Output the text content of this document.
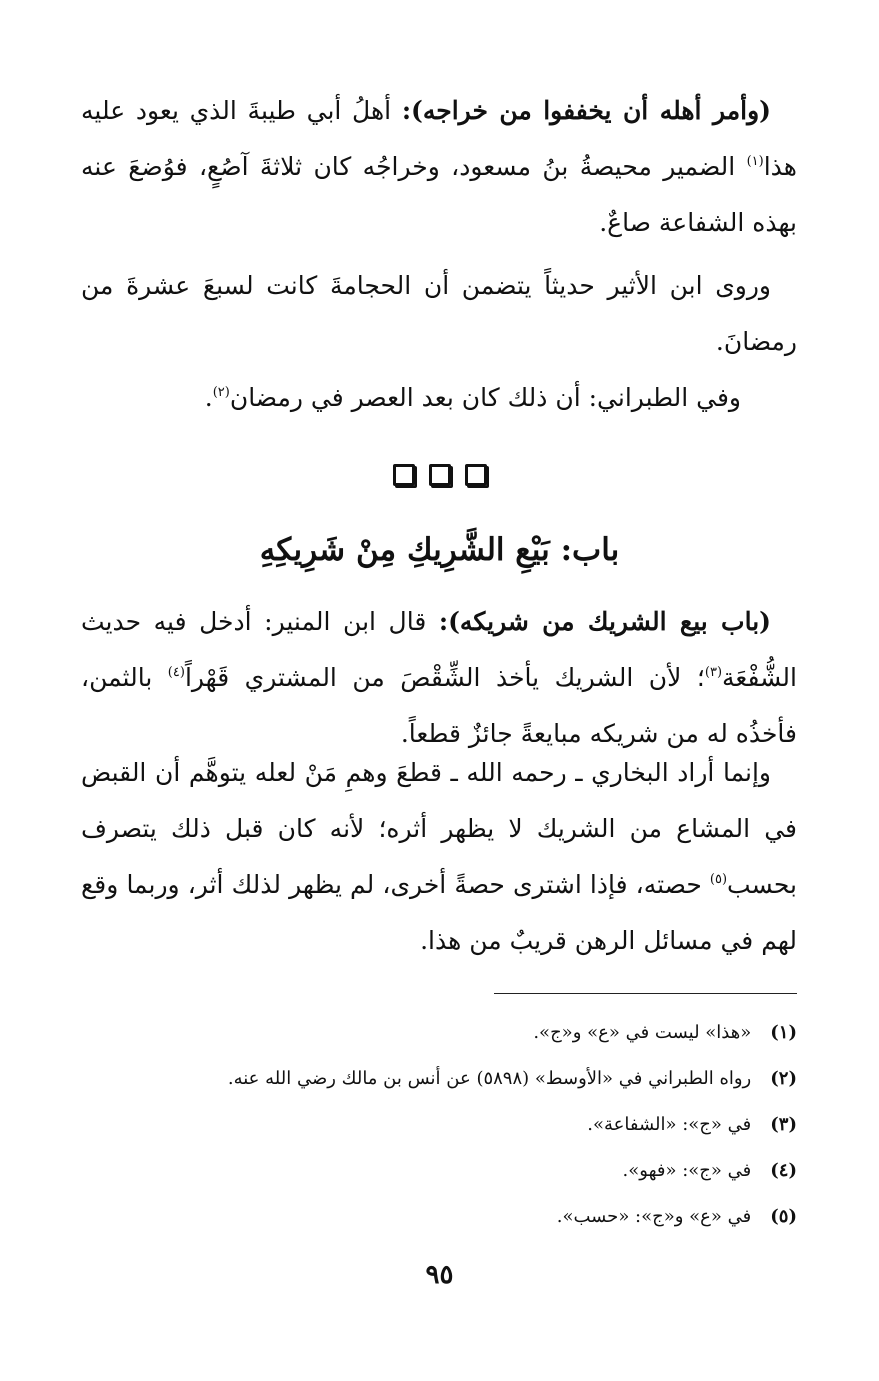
(وأمر أهله أن يخففوا من خراجه): أهلُ أبي طيبةَ الذي يعود عليه هذا$^{(١)}$ الضمير محيصةُ بنُ مسعود، وخراجُه كان ثلاثةَ آصُعٍ، فوُضعَ عنه بهذه الشفاعة صاعٌ.

وروى ابن الأثير حديثاً يتضمن أن الحجامةَ كانت لسبعَ عشرةَ من رمضانَ.

وفي الطبراني: أن ذلك كان بعد العصر في رمضان$^{(٢)}$.

باب: بَيْعِ الشَّرِيكِ مِنْ شَرِيكِهِ

(باب بيع الشريك من شريكه): قال ابن المنير: أدخل فيه حديث الشُّفْعَة$^{(٣)}$؛ لأن الشريك يأخذ الشِّقْصَ من المشتري قَهْراً$^{(٤)}$ بالثمن، فأخذُه له من شريكه مبايعةً جائزٌ قطعاً.

وإنما أراد البخاري ـ رحمه الله ـ قطعَ وهمِ مَنْ لعله يتوهَّم أن القبض في المشاع من الشريك لا يظهر أثره؛ لأنه كان قبل ذلك يتصرف بحسب$^{(٥)}$ حصته، فإذا اشترى حصةً أخرى، لم يظهر لذلك أثر، وربما وقع لهم في مسائل الرهن قريبٌ من هذا.

(١) «هذا» ليست في «ع» و«ج».
(٢) رواه الطبراني في «الأوسط» (٥٨٩٨) عن أنس بن مالك رضي الله عنه.
(٣) في «ج»: «الشفاعة».
(٤) في «ج»: «فهو».
(٥) في «ع» و«ج»: «حسب».
٩٥
